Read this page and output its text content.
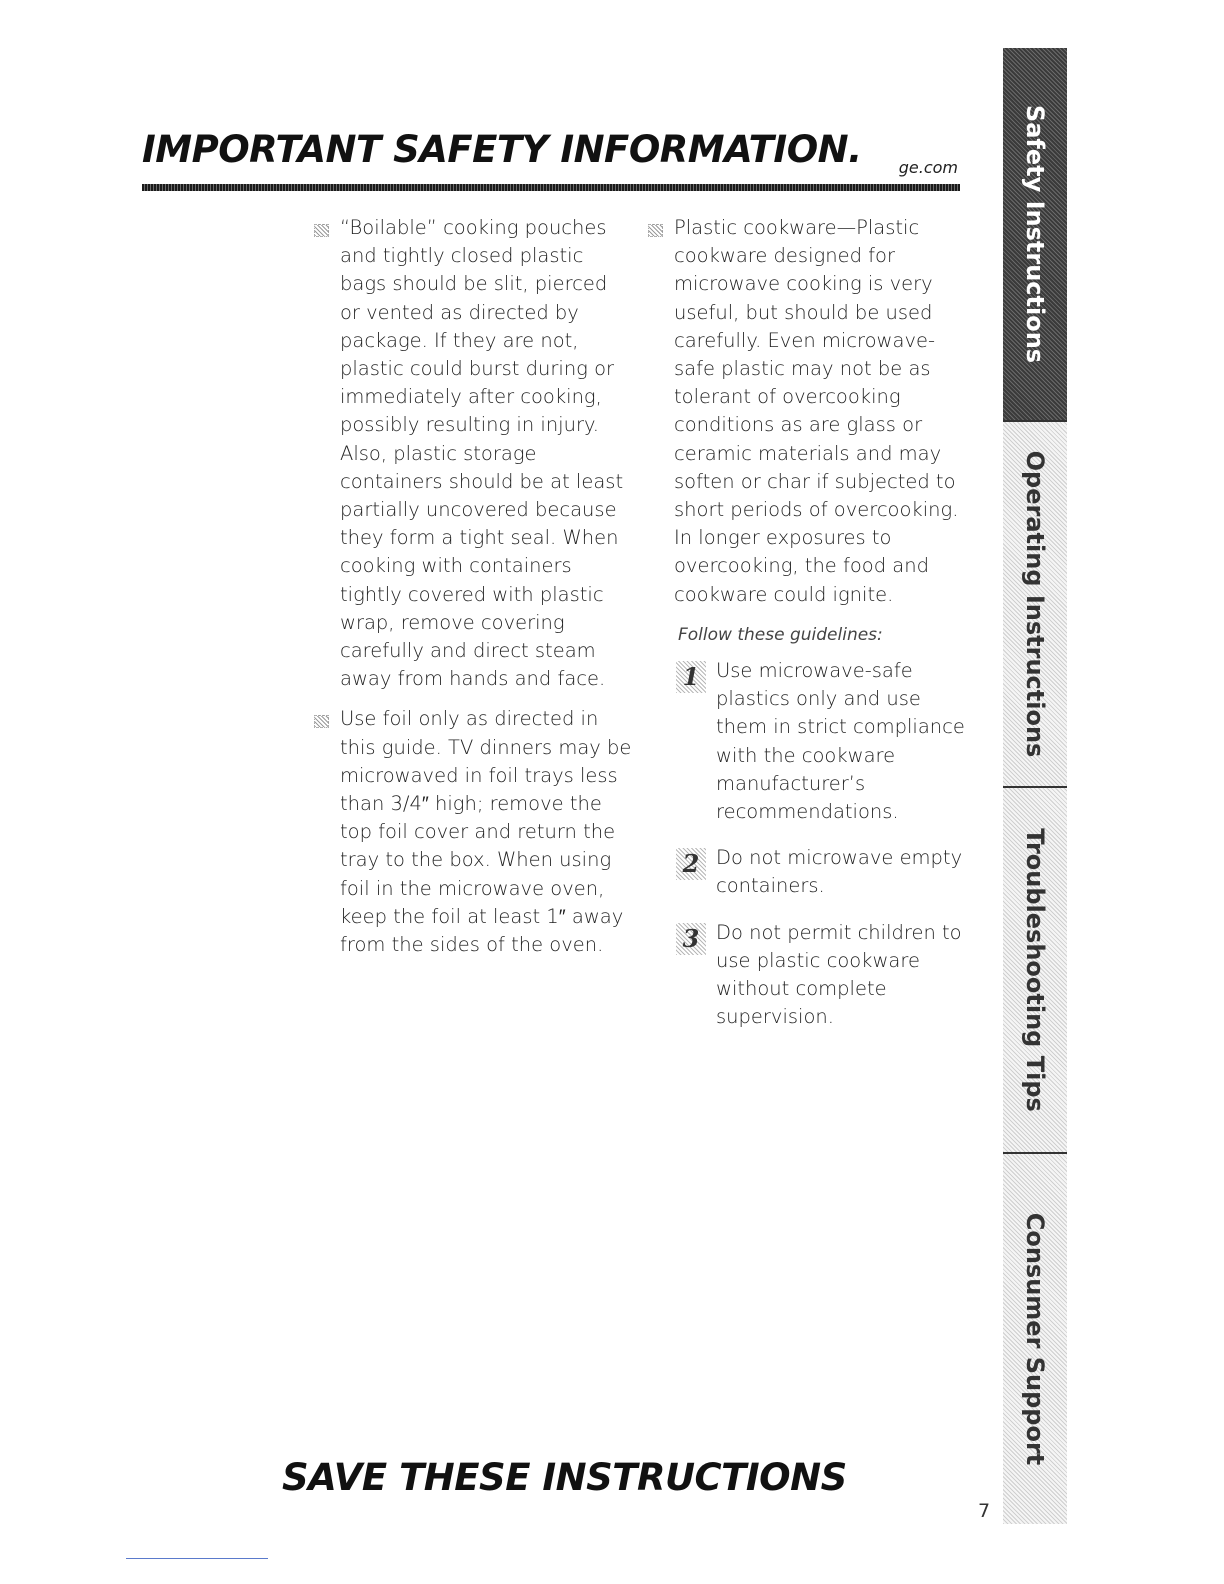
IMPORTANT SAFETY INFORMATION. ge.com
“Boilable” cooking pouches and tightly closed plastic bags should be slit, pierced or vented as directed by package. If they are not, plastic could burst during or immediately after cooking, possibly resulting in injury. Also, plastic storage containers should be at least partially uncovered because they form a tight seal. When cooking with containers tightly covered with plastic wrap, remove covering carefully and direct steam away from hands and face.
Use foil only as directed in this guide. TV dinners may be microwaved in foil trays less than 3/4″ high; remove the top foil cover and return the tray to the box. When using foil in the microwave oven, keep the foil at least 1″ away from the sides of the oven.
Plastic cookware—Plastic cookware designed for microwave cooking is very useful, but should be used carefully. Even microwave-safe plastic may not be as tolerant of overcooking conditions as are glass or ceramic materials and may soften or char if subjected to short periods of overcooking. In longer exposures to overcooking, the food and cookware could ignite.
Follow these guidelines:
1 Use microwave-safe plastics only and use them in strict compliance with the cookware manufacturer’s recommendations.
2 Do not microwave empty containers.
3 Do not permit children to use plastic cookware without complete supervision.
SAVE THESE INSTRUCTIONS
7
Safety Instructions
Operating Instructions
Troubleshooting Tips
Consumer Support
